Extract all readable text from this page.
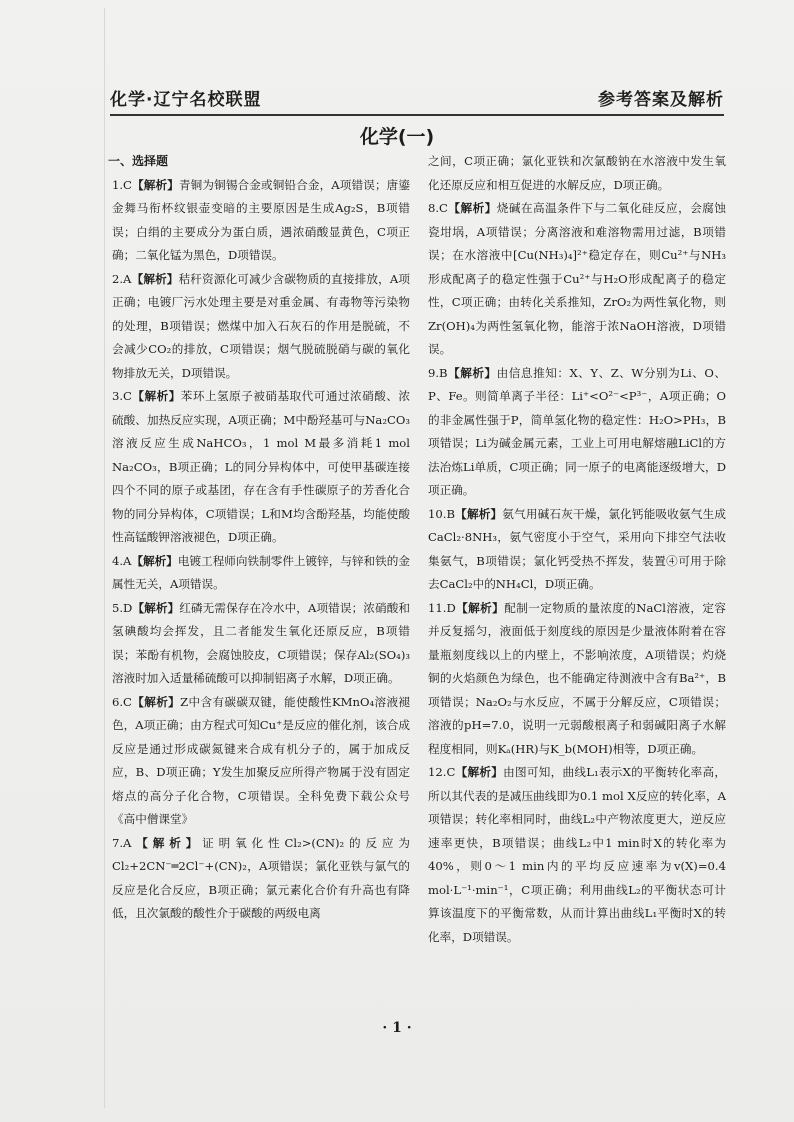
化学·辽宁名校联盟	参考答案及解析
化学(一)
一、选择题

1.C【解析】青铜为铜锡合金或铜铅合金，A项错误；唐鎏金舞马衔杯纹银壶变暗的主要原因是生成Ag₂S，B项错误；白绢的主要成分为蛋白质，遇浓硝酸显黄色，C项正确；二氧化锰为黑色，D项错误。

2.A【解析】秸秆资源化可减少含碳物质的直接排放，A项正确；电镀厂污水处理主要是对重金属、有毒物等污染物的处理，B项错误；燃煤中加入石灰石的作用是脱硫，不会减少CO₂的排放，C项错误；烟气脱硫脱硝与碳的氧化物排放无关，D项错误。

3.C【解析】苯环上氢原子被硝基取代可通过浓硝酸、浓硫酸、加热反应实现，A项正确；M中酚羟基可与Na₂CO₃溶液反应生成NaHCO₃，1 mol M最多消耗1 mol Na₂CO₃，B项正确；L的同分异构体中，可使甲基碳连接四个不同的原子或基团，存在含有手性碳原子的芳香化合物的同分异构体，C项错误；L和M均含酚羟基，均能使酸性高锰酸钾溶液褪色，D项正确。

4.A【解析】电镀工程师向铁制零件上镀锌，与锌和铁的金属性无关，A项错误。

5.D【解析】红磷无需保存在冷水中，A项错误；浓硝酸和氢碘酸均会挥发，且二者能发生氧化还原反应，B项错误；苯酚有机物，会腐蚀胶皮，C项错误；保存Al₂(SO₄)₃溶液时加入适量稀硫酸可以抑制铝离子水解，D项正确。

6.C【解析】Z中含有碳碳双键，能使酸性KMnO₄溶液褪色，A项正确；由方程式可知Cu⁺是反应的催化剂，该合成反应是通过形成碳氮键来合成有机分子的，属于加成反应，B、D项正确；Y发生加聚反应所得产物属于没有固定熔点的高分子化合物，C项错误。全科免费下载公众号《高中僧课堂》

7.A【解析】证明氧化性Cl₂>(CN)₂的反应为Cl₂+2CN⁻═2Cl⁻+(CN)₂，A项错误；氯化亚铁与氯气的反应是化合反应，B项正确；氯元素化合价有升高也有降低，且次氯酸的酸性介于碳酸的两级电离

之间，C项正确；氯化亚铁和次氯酸钠在水溶液中发生氧化还原反应和相互促进的水解反应，D项正确。

8.C【解析】烧碱在高温条件下与二氧化硅反应，会腐蚀瓷坩埚，A项错误；分离溶液和难溶物需用过滤，B项错误；在水溶液中[Cu(NH₃)₄]²⁺稳定存在，则Cu²⁺与NH₃形成配离子的稳定性强于Cu²⁺与H₂O形成配离子的稳定性，C项正确；由转化关系推知，ZrO₂为两性氧化物，则Zr(OH)₄为两性氢氧化物，能溶于浓NaOH溶液，D项错误。

9.B【解析】由信息推知：X、Y、Z、W分别为Li、O、P、Fe。则简单离子半径：Li⁺<O²⁻<P³⁻，A项正确；O的非金属性强于P，简单氢化物的稳定性：H₂O>PH₃，B项错误；Li为碱金属元素，工业上可用电解熔融LiCl的方法冶炼Li单质，C项正确；同一原子的电离能逐级增大，D项正确。

10.B【解析】氨气用碱石灰干燥，氯化钙能吸收氨气生成CaCl₂·8NH₃，氨气密度小于空气，采用向下排空气法收集氨气，B项错误；氯化钙受热不挥发，装置④可用于除去CaCl₂中的NH₄Cl，D项正确。

11.D【解析】配制一定物质的量浓度的NaCl溶液，定容并反复摇匀，液面低于刻度线的原因是少量液体附着在容量瓶刻度线以上的内壁上，不影响浓度，A项错误；灼烧铜的火焰颜色为绿色，也不能确定待测液中含有Ba²⁺，B项错误；Na₂O₂与水反应，不属于分解反应，C项错误；溶液的pH=7.0，说明一元弱酸根离子和弱碱阳离子水解程度相同，则Kₐ(HR)与K_b(MOH)相等，D项正确。

12.C【解析】由图可知，曲线L₁表示X的平衡转化率高，所以其代表的是减压曲线即为0.1 mol X反应的转化率，A项错误；转化率相同时，曲线L₂中产物浓度更大，逆反应速率更快，B项错误；曲线L₂中1 min时X的转化率为40%，则0～1 min内的平均反应速率为v(X)=0.4 mol·L⁻¹·min⁻¹，C项正确；利用曲线L₂的平衡状态可计算该温度下的平衡常数，从而计算出曲线L₁平衡时X的转化率，D项错误。

· 1 ·
